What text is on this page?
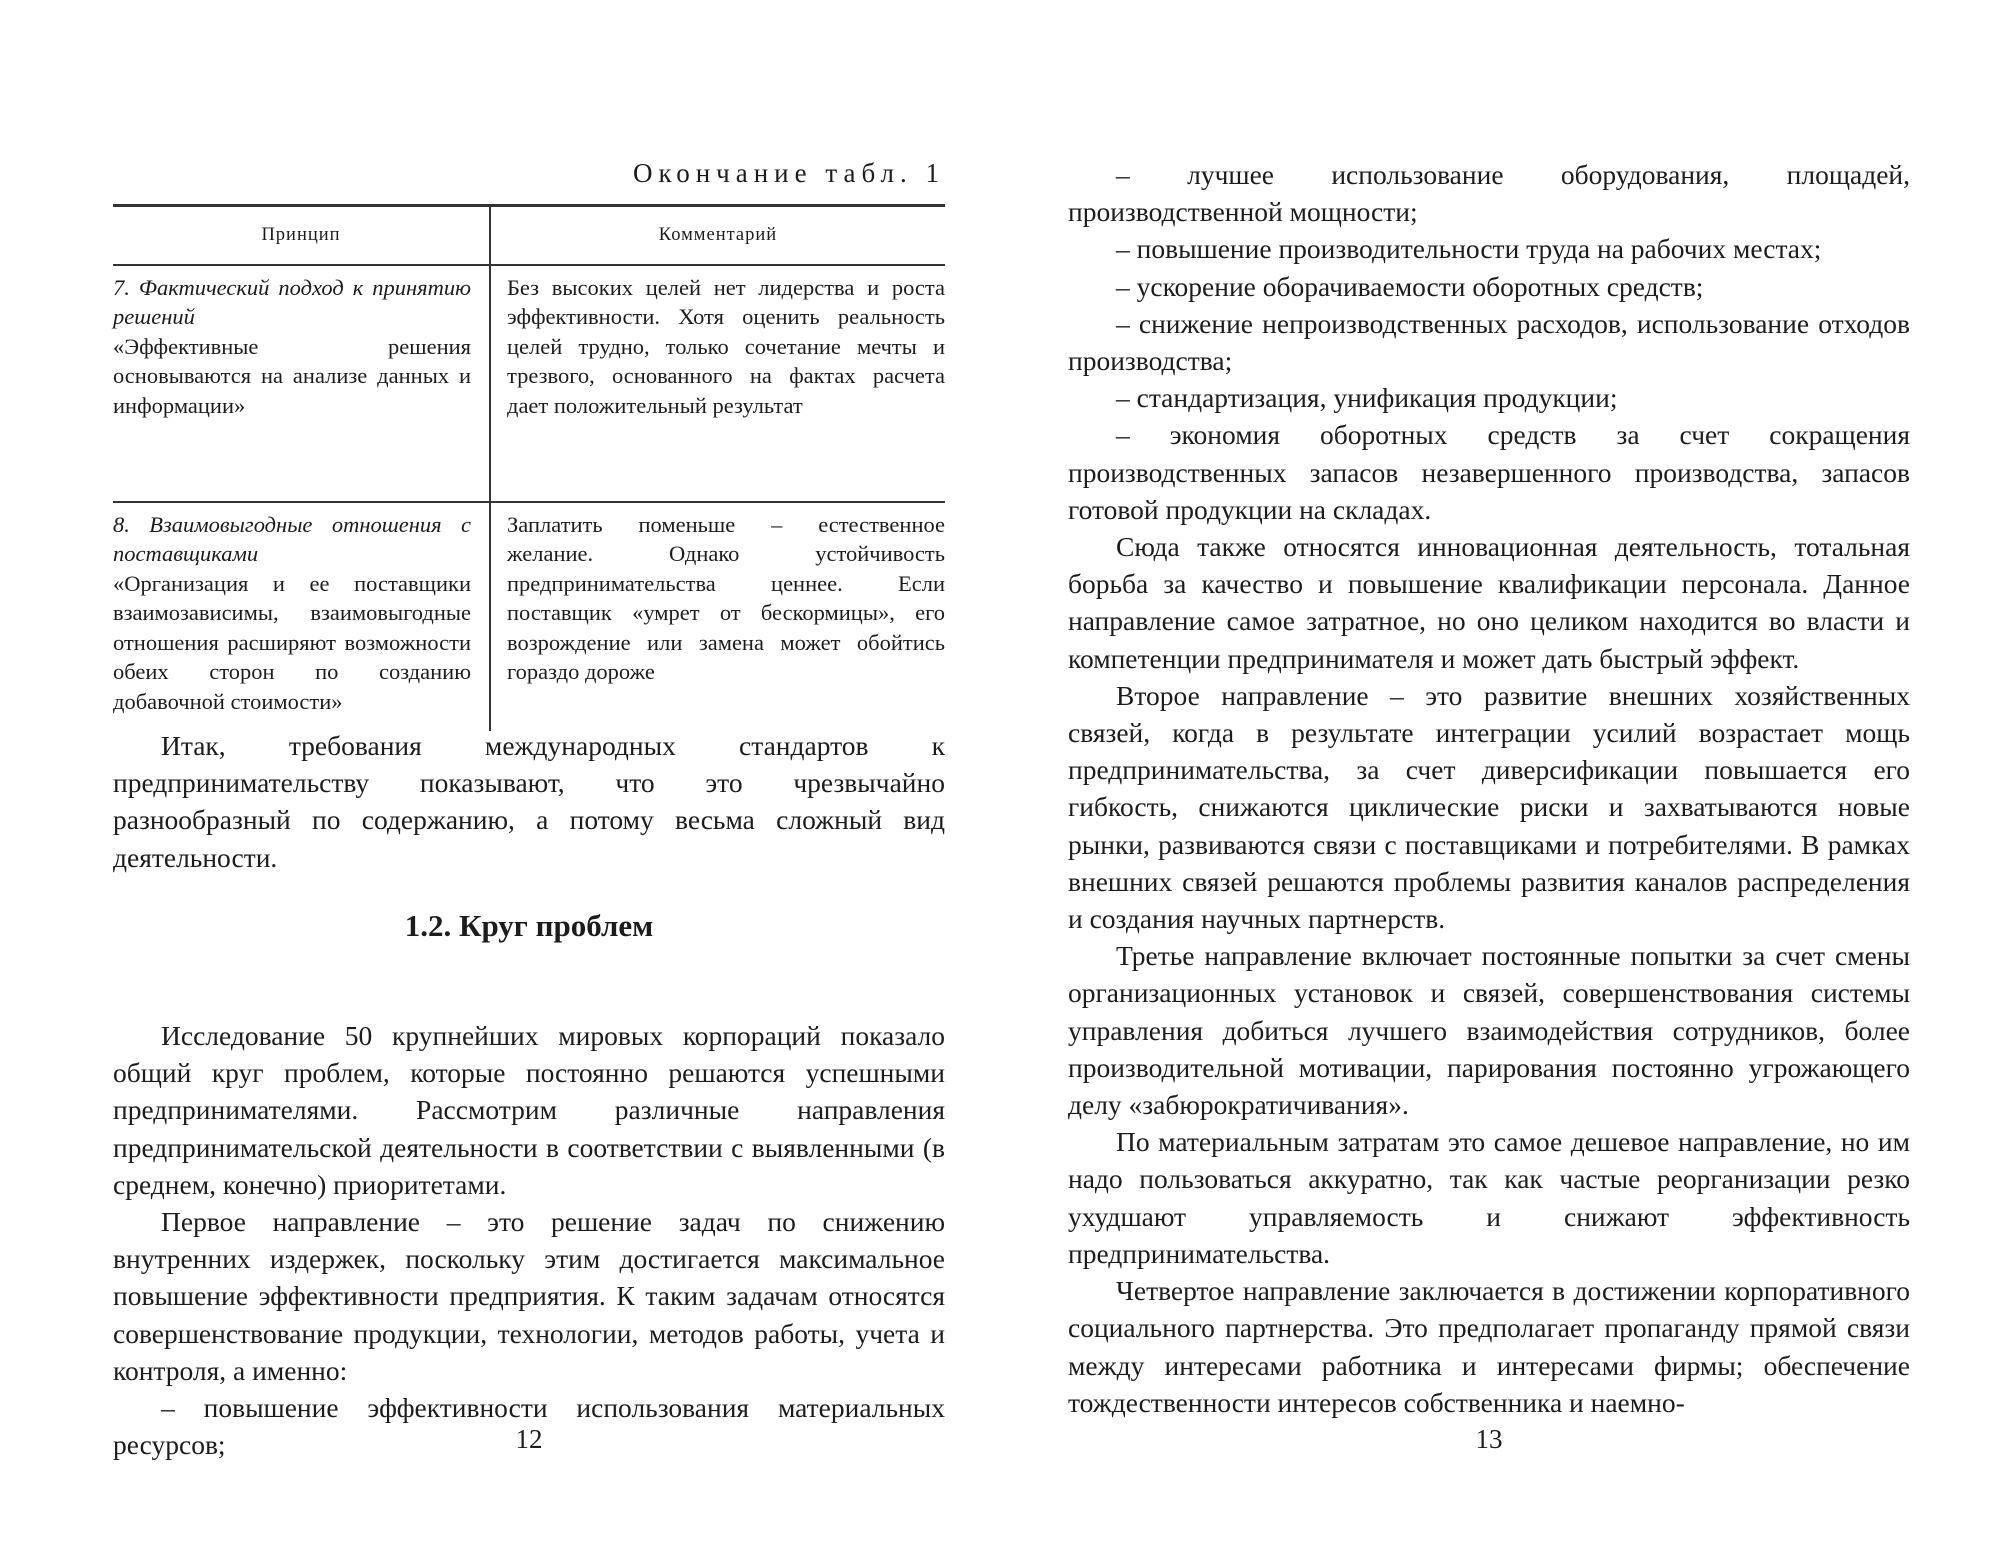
Окончание табл. 1
Принцип	Комментарий
7. Фактический подход к принятию решений
«Эффективные решения основываются на анализе данных и информации»
Без высоких целей нет лидерства и роста эффективности. Хотя оценить реальность целей трудно, только сочетание мечты и трезвого, основанного на фактах расчета дает положительный результат
8. Взаимовыгодные отношения с поставщиками
«Организация и ее поставщики взаимозависимы, взаимовыгодные отношения расширяют возможности обеих сторон по созданию добавочной стоимости»
Заплатить поменьше – естественное желание. Однако устойчивость предпринимательства ценнее. Если поставщик «умрет от бескормицы», его возрождение или замена может обойтись гораздо дороже

Итак, требования международных стандартов к предпринимательству показывают, что это чрезвычайно разнообразный по содержанию, а потому весьма сложный вид деятельности.

1.2. Круг проблем

Исследование 50 крупнейших мировых корпораций показало общий круг проблем, которые постоянно решаются успешными предпринимателями. Рассмотрим различные направления предпринимательской деятельности в соответствии с выявленными (в среднем, конечно) приоритетами.

Первое направление – это решение задач по снижению внутренних издержек, поскольку этим достигается максимальное повышение эффективности предприятия. К таким задачам относятся совершенствование продукции, технологии, методов работы, учета и контроля, а именно:

– повышение эффективности использования материальных ресурсов;	12

– лучшее использование оборудования, площадей, производственной мощности;

– повышение производительности труда на рабочих местах;

– ускорение оборачиваемости оборотных средств;

– снижение непроизводственных расходов, использование отходов производства;

– стандартизация, унификация продукции;

– экономия оборотных средств за счет сокращения производственных запасов незавершенного производства, запасов готовой продукции на складах.

Сюда также относятся инновационная деятельность, тотальная борьба за качество и повышение квалификации персонала. Данное направление самое затратное, но оно целиком находится во власти и компетенции предпринимателя и может дать быстрый эффект.

Второе направление – это развитие внешних хозяйственных связей, когда в результате интеграции усилий возрастает мощь предпринимательства, за счет диверсификации повышается его гибкость, снижаются циклические риски и захватываются новые рынки, развиваются связи с поставщиками и потребителями. В рамках внешних связей решаются проблемы развития каналов распределения и создания научных партнерств.

Третье направление включает постоянные попытки за счет смены организационных установок и связей, совершенствования системы управления добиться лучшего взаимодействия сотрудников, более производительной мотивации, парирования постоянно угрожающего делу «забюрократичивания».

По материальным затратам это самое дешевое направление, но им надо пользоваться аккуратно, так как частые реорганизации резко ухудшают управляемость и снижают эффективность предпринимательства.

Четвертое направление заключается в достижении корпоративного социального партнерства. Это предполагает пропаганду прямой связи между интересами работника и интересами фирмы; обеспечение тождественности интересов собственника и наемно-

13
